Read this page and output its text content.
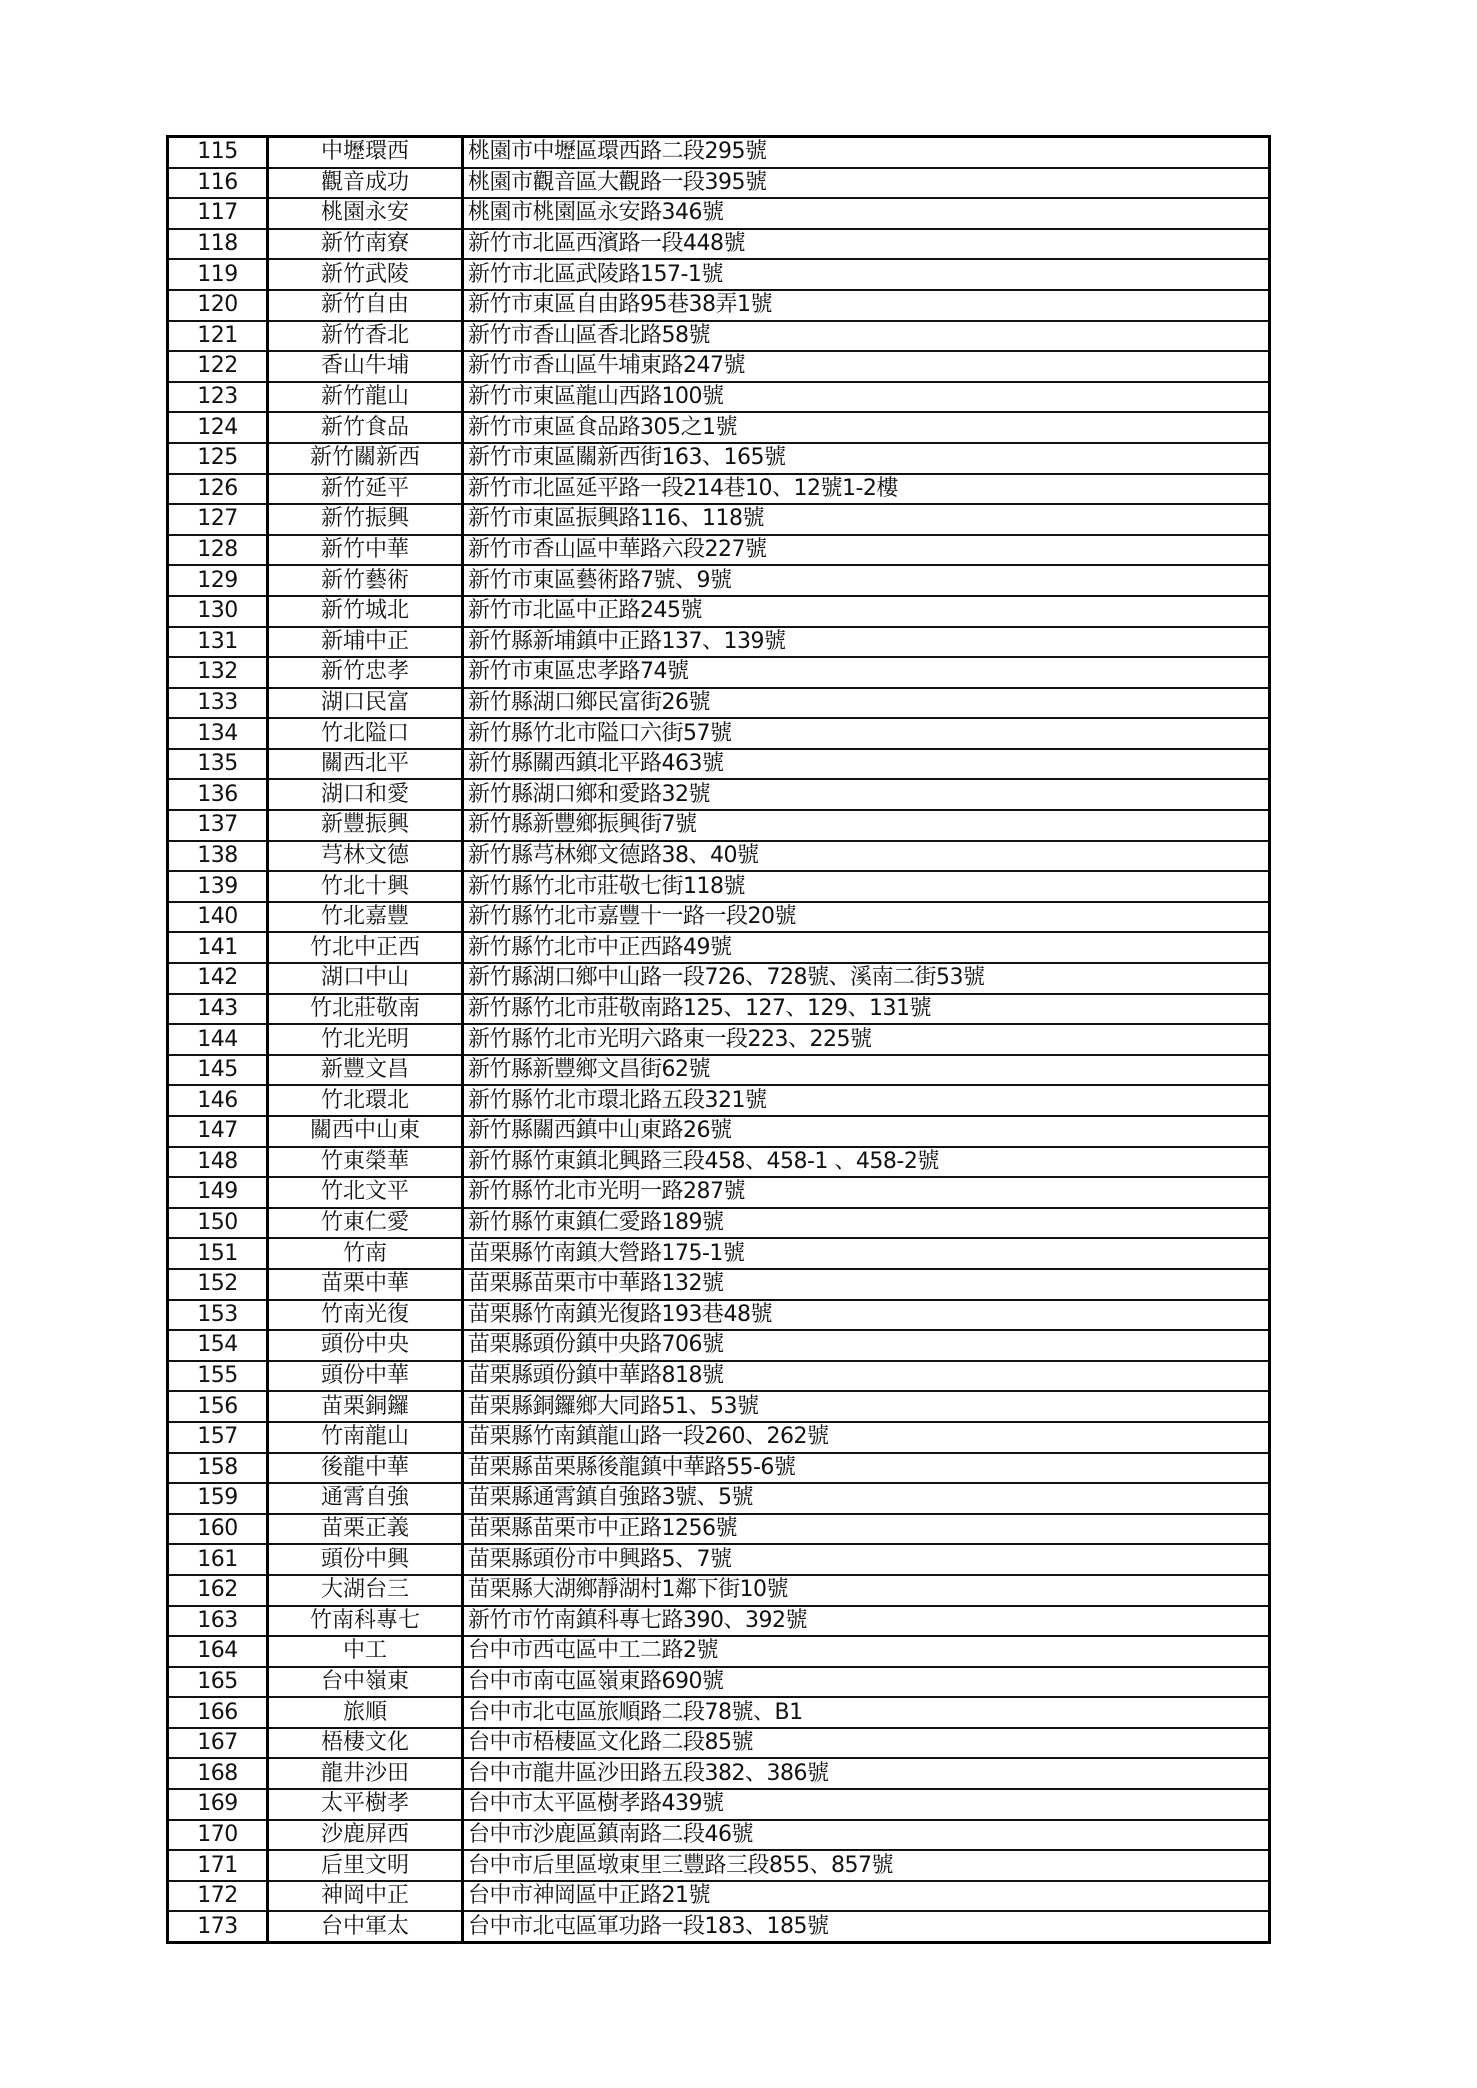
115	中壢環西	桃園市中壢區環西路二段295號
116	觀音成功	桃園市觀音區大觀路一段395號
117	桃園永安	桃園市桃園區永安路346號
118	新竹南寮	新竹市北區西濱路一段448號
119	新竹武陵	新竹市北區武陵路157-1號
120	新竹自由	新竹市東區自由路95巷38弄1號
121	新竹香北	新竹市香山區香北路58號
122	香山牛埔	新竹市香山區牛埔東路247號
123	新竹龍山	新竹市東區龍山西路100號
124	新竹食品	新竹市東區食品路305之1號
125	新竹關新西	新竹市東區關新西街163、165號
126	新竹延平	新竹市北區延平路一段214巷10、12號1-2樓
127	新竹振興	新竹市東區振興路116、118號
128	新竹中華	新竹市香山區中華路六段227號
129	新竹藝術	新竹市東區藝術路7號、9號
130	新竹城北	新竹市北區中正路245號
131	新埔中正	新竹縣新埔鎮中正路137、139號
132	新竹忠孝	新竹市東區忠孝路74號
133	湖口民富	新竹縣湖口鄉民富街26號
134	竹北隘口	新竹縣竹北市隘口六街57號
135	關西北平	新竹縣關西鎮北平路463號
136	湖口和愛	新竹縣湖口鄉和愛路32號
137	新豐振興	新竹縣新豐鄉振興街7號
138	芎林文德	新竹縣芎林鄉文德路38、40號
139	竹北十興	新竹縣竹北市莊敬七街118號
140	竹北嘉豐	新竹縣竹北市嘉豐十一路一段20號
141	竹北中正西	新竹縣竹北市中正西路49號
142	湖口中山	新竹縣湖口鄉中山路一段726、728號、溪南二街53號
143	竹北莊敬南	新竹縣竹北市莊敬南路125、127、129、131號
144	竹北光明	新竹縣竹北市光明六路東一段223、225號
145	新豐文昌	新竹縣新豐鄉文昌街62號
146	竹北環北	新竹縣竹北市環北路五段321號
147	關西中山東	新竹縣關西鎮中山東路26號
148	竹東榮華	新竹縣竹東鎮北興路三段458、458-1 、458-2號
149	竹北文平	新竹縣竹北市光明一路287號
150	竹東仁愛	新竹縣竹東鎮仁愛路189號
151	竹南	苗栗縣竹南鎮大營路175-1號
152	苗栗中華	苗栗縣苗栗市中華路132號
153	竹南光復	苗栗縣竹南鎮光復路193巷48號
154	頭份中央	苗栗縣頭份鎮中央路706號
155	頭份中華	苗栗縣頭份鎮中華路818號
156	苗栗銅鑼	苗栗縣銅鑼鄉大同路51、53號
157	竹南龍山	苗栗縣竹南鎮龍山路一段260、262號
158	後龍中華	苗栗縣苗栗縣後龍鎮中華路55-6號
159	通霄自強	苗栗縣通霄鎮自強路3號、5號
160	苗栗正義	苗栗縣苗栗市中正路1256號
161	頭份中興	苗栗縣頭份市中興路5、7號
162	大湖台三	苗栗縣大湖鄉靜湖村1鄰下街10號
163	竹南科專七	新竹市竹南鎮科專七路390、392號
164	中工	台中市西屯區中工二路2號
165	台中嶺東	台中市南屯區嶺東路690號
166	旅順	台中市北屯區旅順路二段78號、B1
167	梧棲文化	台中市梧棲區文化路二段85號
168	龍井沙田	台中市龍井區沙田路五段382、386號
169	太平樹孝	台中市太平區樹孝路439號
170	沙鹿屏西	台中市沙鹿區鎮南路二段46號
171	后里文明	台中市后里區墩東里三豐路三段855、857號
172	神岡中正	台中市神岡區中正路21號
173	台中軍太	台中市北屯區軍功路一段183、185號
